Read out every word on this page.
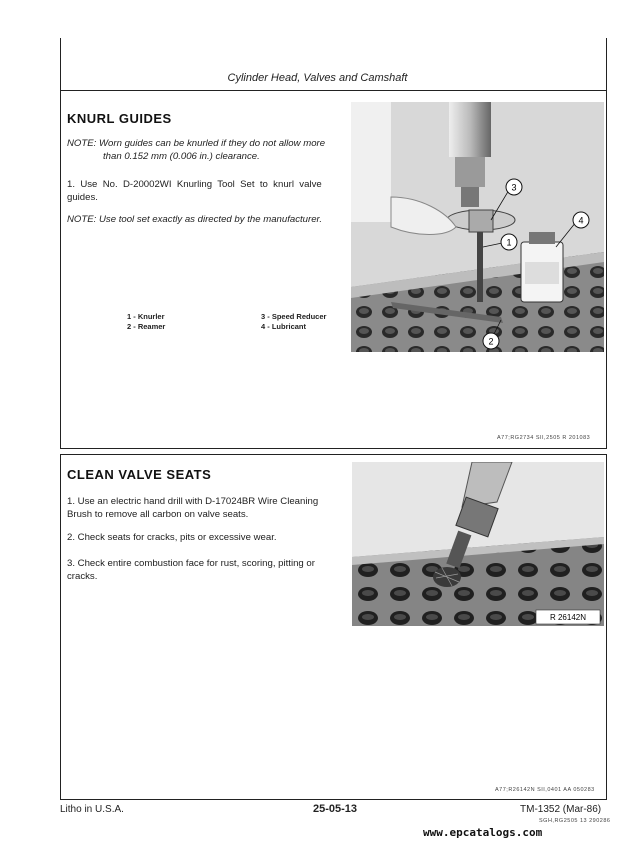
Cylinder Head, Valves and Camshaft
KNURL GUIDES
NOTE: Worn guides can be knurled if they do not allow more
than 0.152 mm (0.006 in.) clearance.
1.  Use  No.  D-20002WI  Knurling  Tool  Set  to  knurl  valve
guides.
NOTE: Use tool set exactly as directed by the manufacturer.
1 - Knurler
2 - Reamer
3 - Speed Reducer
4 - Lubricant
1
3
2
4
A77;RG2734 SII,2505 R 201083
CLEAN VALVE SEATS
1. Use an electric hand drill with D-17024BR Wire Cleaning
Brush to remove all carbon on valve seats.
2. Check seats for cracks, pits or excessive wear.
3. Check entire combustion face for rust, scoring, pitting or
cracks.
R 26142N
A77;R26142N SII,0401 AA 050283
Litho in U.S.A.	25-05-13	TM-1352 (Mar-86)
SGH,RG2505 13 290286
www.epcatalogs.com
